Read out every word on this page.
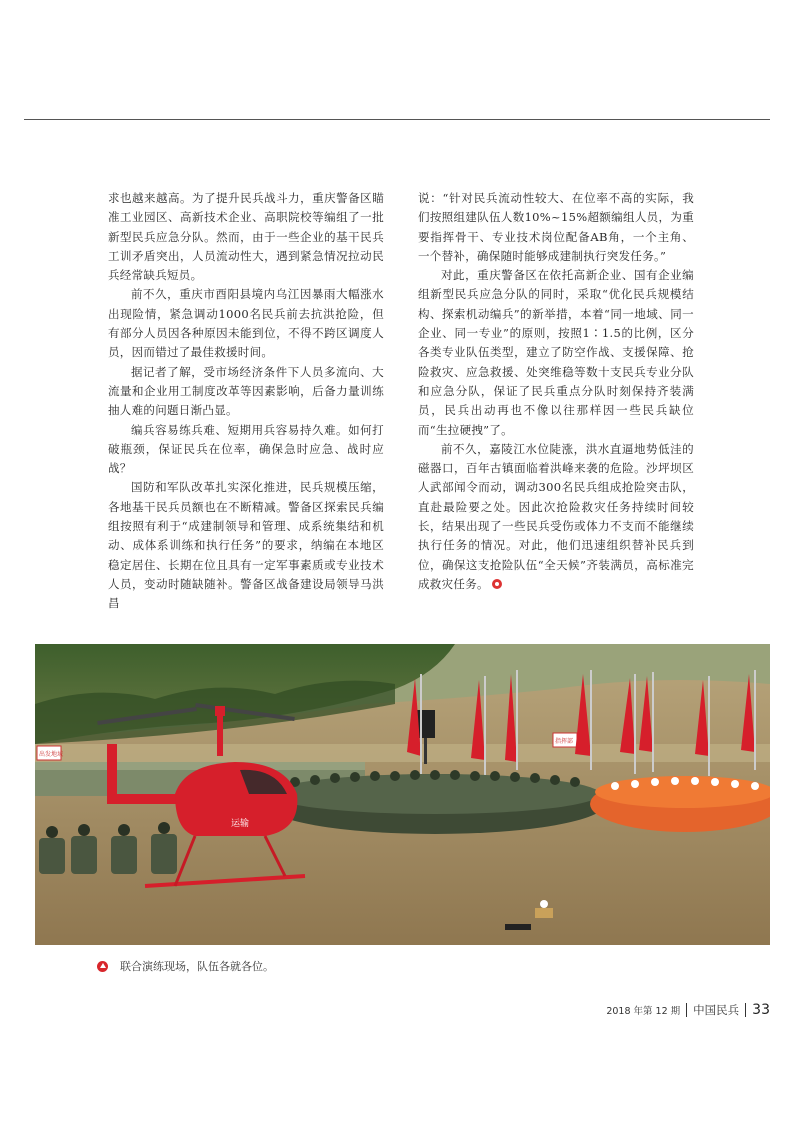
求也越来越高。为了提升民兵战斗力，重庆警备区瞄准工业园区、高新技术企业、高职院校等编组了一批新型民兵应急分队。然而，由于一些企业的基干民兵工训矛盾突出，人员流动性大，遇到紧急情况拉动民兵经常缺兵短员。

前不久，重庆市酉阳县境内乌江因暴雨大幅涨水出现险情，紧急调动1000名民兵前去抗洪抢险，但有部分人员因各种原因未能到位，不得不跨区调度人员，因而错过了最佳救援时间。

据记者了解，受市场经济条件下人员多流向、大流量和企业用工制度改革等因素影响，后备力量训练抽人难的问题日渐凸显。

编兵容易练兵难、短期用兵容易持久难。如何打破瓶颈，保证民兵在位率，确保急时应急、战时应战？

国防和军队改革扎实深化推进，民兵规模压缩，各地基干民兵员额也在不断精减。警备区探索民兵编组按照有利于“成建制领导和管理、成系统集结和机动、成体系训练和执行任务”的要求，纳编在本地区稳定居住、长期在位且具有一定军事素质或专业技术人员，变动时随缺随补。警备区战备建设局领导马洪昌

说：“针对民兵流动性较大、在位率不高的实际，我们按照组建队伍人数10%~15%超额编组人员，为重要指挥骨干、专业技术岗位配备AB角，一个主角、一个替补，确保随时能够成建制执行突发任务。”

对此，重庆警备区在依托高新企业、国有企业编组新型民兵应急分队的同时，采取“优化民兵规模结构、探索机动编兵”的新举措，本着“同一地域、同一企业、同一专业”的原则，按照1∶1.5的比例，区分各类专业队伍类型，建立了防空作战、支援保障、抢险救灾、应急救援、处突维稳等数十支民兵专业分队和应急分队，保证了民兵重点分队时刻保持齐装满员，民兵出动再也不像以往那样因一些民兵缺位而“生拉硬拽”了。

前不久，嘉陵江水位陡涨，洪水直逼地势低洼的磁器口，百年古镇面临着洪峰来袭的危险。沙坪坝区人武部闻令而动，调动300名民兵组成抢险突击队，直赴最险要之处。因此次抢险救灾任务持续时间较长，结果出现了一些民兵受伤或体力不支而不能继续执行任务的情况。对此，他们迅速组织替补民兵到位，确保这支抢险队伍“全天候”齐装满员，高标准完成救灾任务。

出发地域
指挥部
运输
联合演练现场，队伍各就各位。
2018 年第 12 期 中国民兵 33
